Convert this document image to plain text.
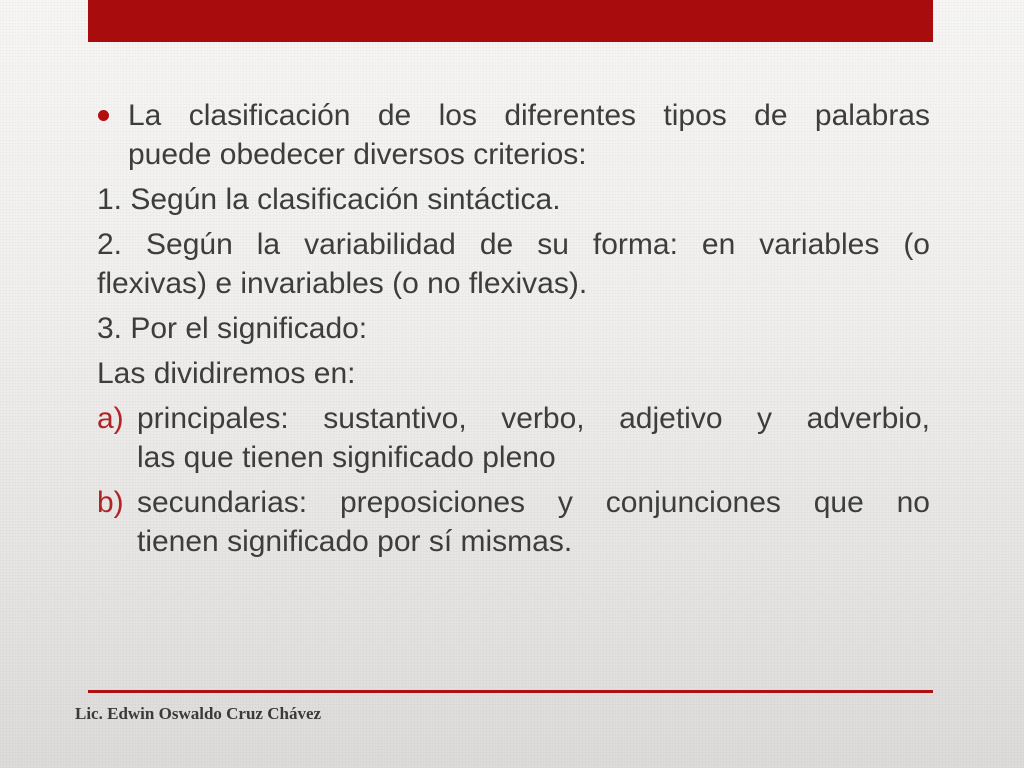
La clasificación de los diferentes tipos de palabras
puede obedecer diversos criterios:
1. Según la clasificación sintáctica.
2. Según la variabilidad de su forma: en variables (o
flexivas) e invariables (o no flexivas).
3. Por el significado:
Las dividiremos en:
a) principales: sustantivo, verbo, adjetivo y adverbio,
las que tienen significado pleno
b) secundarias: preposiciones y conjunciones que no
tienen significado por sí mismas.
Lic. Edwin Oswaldo Cruz Chávez
